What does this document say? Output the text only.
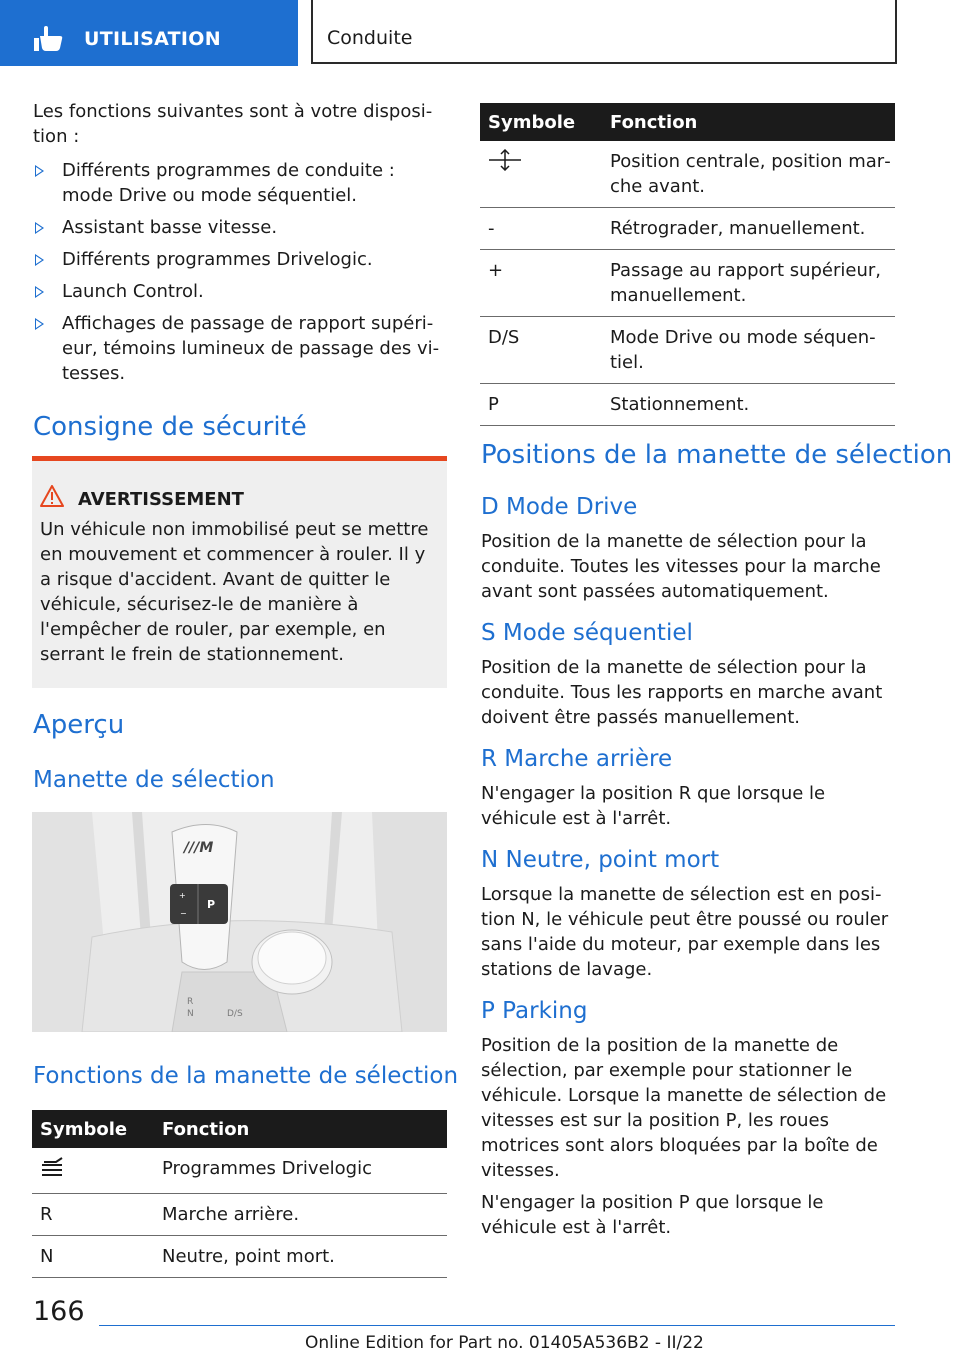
UTILISATION	Conduite

Les fonctions suivantes sont à votre disposition :

Différents programmes de conduite : mode Drive ou mode séquentiel.
Assistant basse vitesse.
Différents programmes Drivelogic.
Launch Control.
Affichages de passage de rapport supérieur, témoins lumineux de passage des vitesses.
Consigne de sécurité
AVERTISSEMENT
Un véhicule non immobilisé peut se mettre en mouvement et commencer à rouler. Il y a risque d'accident. Avant de quitter le véhicule, sécurisez-le de manière à l'empêcher de rouler, par exemple, en serrant le frein de stationnement.
Aperçu
Manette de sélection
///M
P
+
−
R
N	D/S
Fonctions de la manette de sélection
Symbole	Fonction
	Programmes Drivelogic
R	Marche arrière.
N	Neutre, point mort.
Symbole	Fonction
	Position centrale, position marche avant.
-	Rétrograder, manuellement.
+	Passage au rapport supérieur, manuellement.
D/S	Mode Drive ou mode séquentiel.
P	Stationnement.
Positions de la manette de sélection
D Mode Drive

Position de la manette de sélection pour la conduite. Toutes les vitesses pour la marche avant sont passées automatiquement.

S Mode séquentiel

Position de la manette de sélection pour la conduite. Tous les rapports en marche avant doivent être passés manuellement.

R Marche arrière

N'engager la position R que lorsque le véhicule est à l'arrêt.

N Neutre, point mort

Lorsque la manette de sélection est en position N, le véhicule peut être poussé ou rouler sans l'aide du moteur, par exemple dans les stations de lavage.

P Parking

Position de la position de la manette de sélection, par exemple pour stationner le véhicule. Lorsque la manette de sélection de vitesses est sur la position P, les roues motrices sont alors bloquées par la boîte de vitesses.

N'engager la position P que lorsque le véhicule est à l'arrêt.

166
Online Edition for Part no. 01405A536B2 - II/22
